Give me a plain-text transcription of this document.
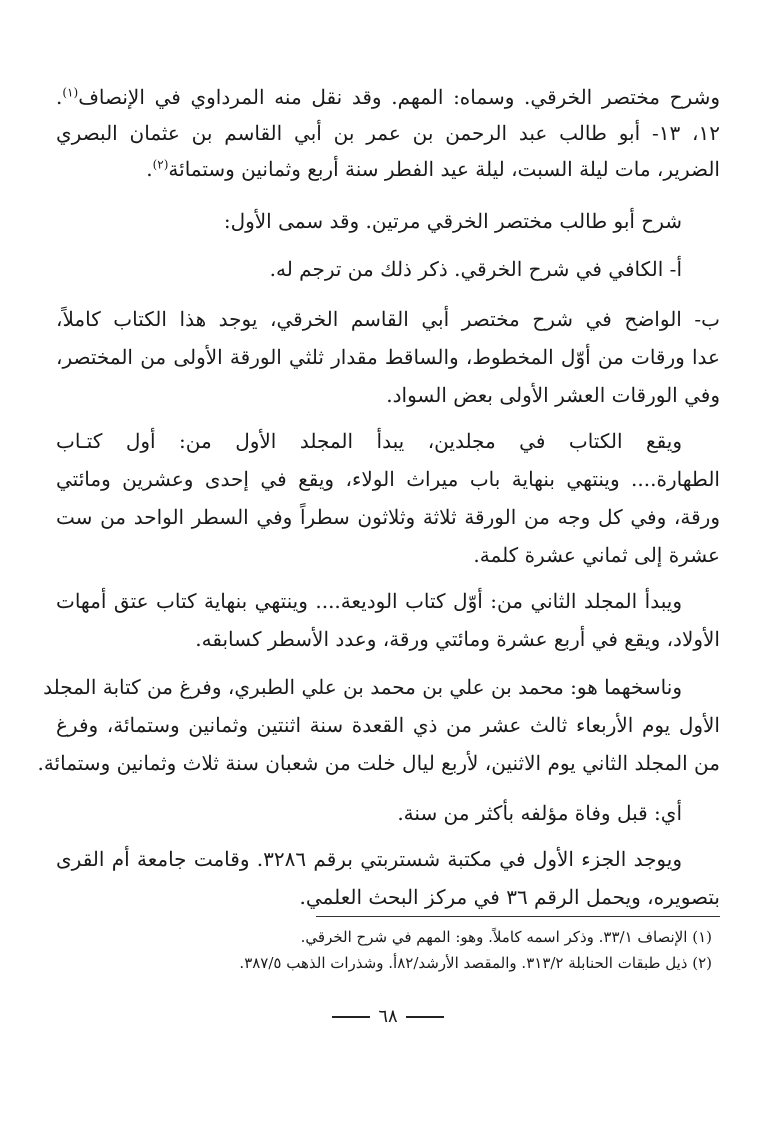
وشرح مختصر الخرقي. وسماه: المهم. وقد نقل منه المرداوي في الإنصاف$^{(١)}$.
١٢، ١٣- أبو طالب عبد الرحمن بن عمر بن أبي القاسم بن عثمان البصري
الضرير، مات ليلة السبت، ليلة عيد الفطر سنة أربع وثمانين وستمائة$^{(٢)}$.
شرح أبو طالب مختصر الخرقي مرتين. وقد سمى الأول:
أ- الكافي في شرح الخرقي. ذكر ذلك من ترجم له.
ب- الواضح في شرح مختصر أبي القاسم الخرقي، يوجد هذا الكتاب كاملاً،
عدا ورقات من أوّل المخطوط، والساقط مقدار ثلثي الورقة الأولى من المختصر،
وفي الورقات العشر الأولى بعض السواد.
ويقع الكتاب في مجلدين، يبدأ المجلد الأول من: أول كتـاب
الطهارة.... وينتهي بنهاية باب ميراث الولاء، ويقع في إحدى وعشرين ومائتي
ورقة، وفي كل وجه من الورقة ثلاثة وثلاثون سطراً وفي السطر الواحد من ست
عشرة إلى ثماني عشرة كلمة.
ويبدأ المجلد الثاني من: أوّل كتاب الوديعة.... وينتهي بنهاية كتاب عتق أمهات
الأولاد، ويقع في أربع عشرة ومائتي ورقة، وعدد الأسطر كسابقه.
وناسخهما هو: محمد بن علي بن محمد بن علي الطبري، وفرغ من كتابة المجلد
الأول يوم الأربعاء ثالث عشر من ذي القعدة سنة اثنتين وثمانين وستمائة، وفرغ
من المجلد الثاني يوم الاثنين، لأربع ليال خلت من شعبان سنة ثلاث وثمانين وستمائة.
أي: قبل وفاة مؤلفه بأكثر من سنة.
ويوجد الجزء الأول في مكتبة شستربتي برقم ٣٢٨٦. وقامت جامعة أم القرى
بتصويره، ويحمل الرقم ٣٦ في مركز البحث العلمي.
(١) الإنصاف ٣٣/١. وذكر اسمه كاملاً. وهو: المهم في شرح الخرقي.
(٢) ذيل طبقات الحنابلة ٣١٣/٢. والمقصد الأرشد/٨٢أ. وشذرات الذهب ٣٨٧/٥.
٦٨
